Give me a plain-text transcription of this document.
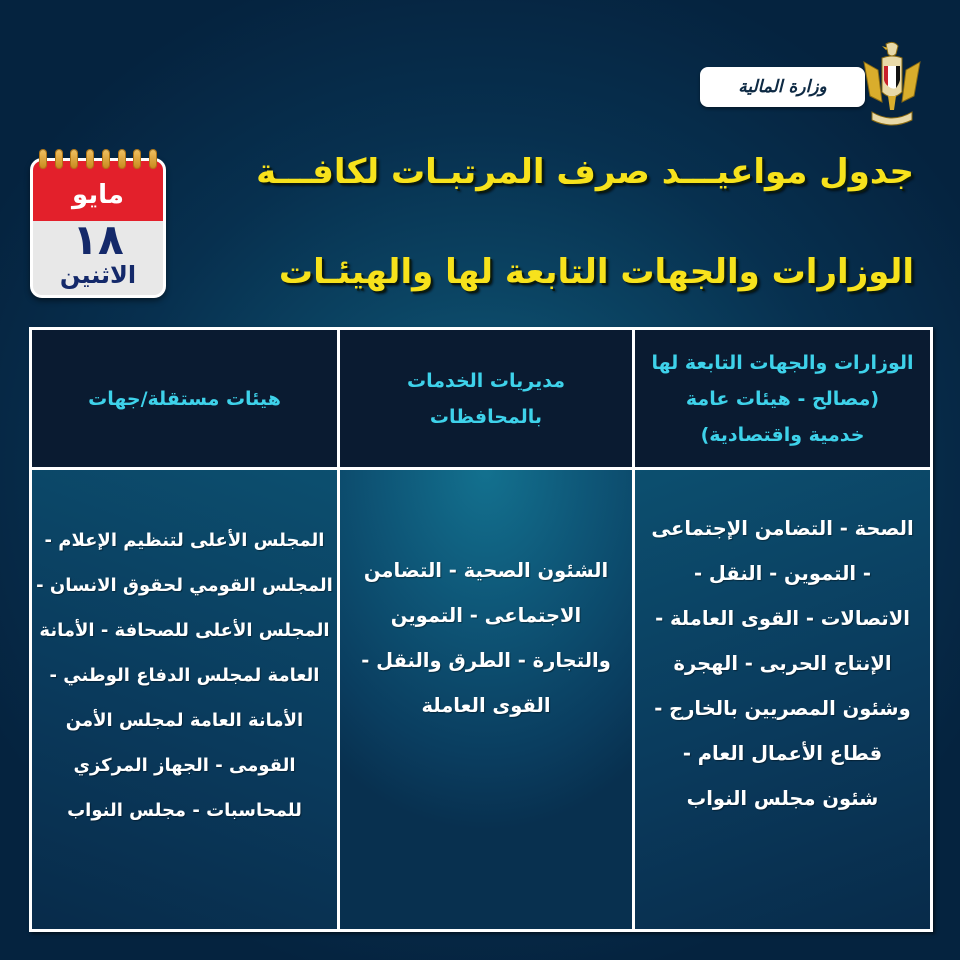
وزارة المالية
مايو
١٨
الاثنين
جدول مواعيـــد صرف المرتبـات لكافـــة
الوزارات والجهات التابعة لها والهيئـات
الوزارات والجهات التابعة لها
(مصالح - هيئات عامة
خدمية واقتصادية)
مديريات الخدمات
بالمحافظات
هيئات مستقلة/جهات
الصحة - التضامن الإجتماعى
- التموين - النقل -
الاتصالات - القوى العاملة -
الإنتاج الحربى - الهجرة
وشئون المصريين بالخارج -
قطاع الأعمال العام -
شئون مجلس النواب
الشئون الصحية - التضامن
الاجتماعى - التموين
والتجارة - الطرق والنقل -
القوى العاملة
المجلس الأعلى لتنظيم الإعلام -
المجلس القومي لحقوق الانسان -
المجلس الأعلى للصحافة - الأمانة
العامة لمجلس الدفاع الوطني -
الأمانة العامة لمجلس الأمن
القومى - الجهاز المركزي
للمحاسبات - مجلس النواب
